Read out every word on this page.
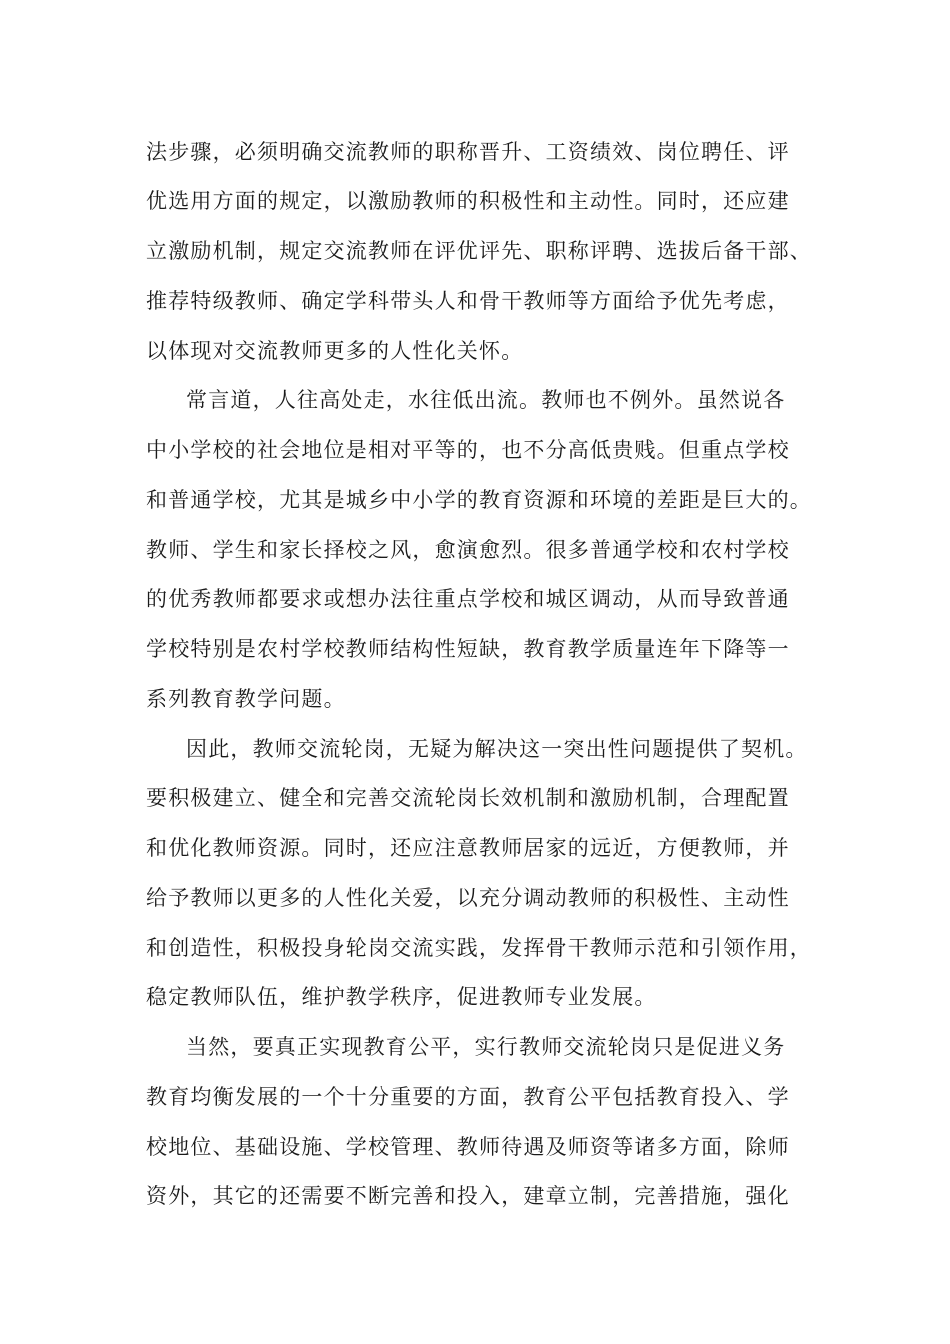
法步骤，必须明确交流教师的职称晋升、工资绩效、岗位聘任、评
优选用方面的规定，以激励教师的积极性和主动性。同时，还应建
立激励机制，规定交流教师在评优评先、职称评聘、选拔后备干部、
推荐特级教师、确定学科带头人和骨干教师等方面给予优先考虑，
以体现对交流教师更多的人性化关怀。
常言道，人往高处走，水往低出流。教师也不例外。虽然说各
中小学校的社会地位是相对平等的，也不分高低贵贱。但重点学校
和普通学校，尤其是城乡中小学的教育资源和环境的差距是巨大的。
教师、学生和家长择校之风，愈演愈烈。很多普通学校和农村学校
的优秀教师都要求或想办法往重点学校和城区调动，从而导致普通
学校特别是农村学校教师结构性短缺，教育教学质量连年下降等一
系列教育教学问题。
因此，教师交流轮岗，无疑为解决这一突出性问题提供了契机。
要积极建立、健全和完善交流轮岗长效机制和激励机制，合理配置
和优化教师资源。同时，还应注意教师居家的远近，方便教师，并
给予教师以更多的人性化关爱，以充分调动教师的积极性、主动性
和创造性，积极投身轮岗交流实践，发挥骨干教师示范和引领作用，
稳定教师队伍，维护教学秩序，促进教师专业发展。
当然，要真正实现教育公平，实行教师交流轮岗只是促进义务
教育均衡发展的一个十分重要的方面，教育公平包括教育投入、学
校地位、基础设施、学校管理、教师待遇及师资等诸多方面，除师
资外，其它的还需要不断完善和投入，建章立制，完善措施，强化
